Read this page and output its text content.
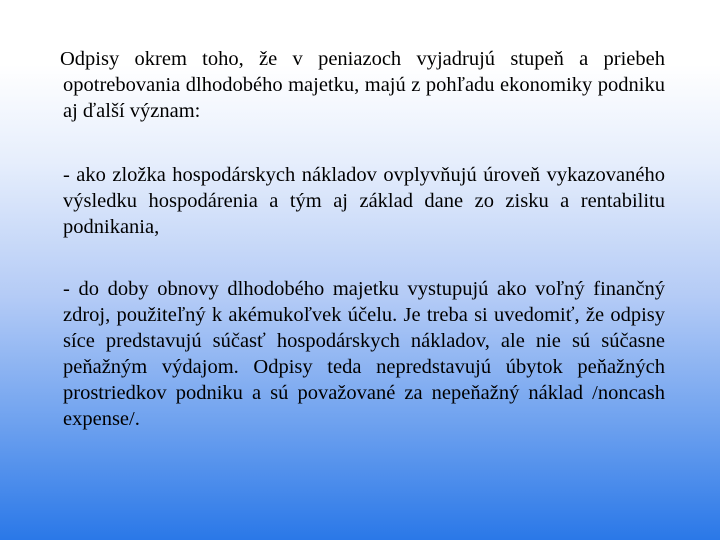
Odpisy okrem toho, že v peniazoch vyjadrujú stupeň a priebeh opotrebovania dlhodobého majetku, majú z pohľadu ekonomiky podniku aj ďalší význam:

- ako zložka hospodárskych nákladov ovplyvňujú úroveň vykazovaného výsledku hospodárenia a tým aj základ dane zo zisku a rentabilitu podnikania,

- do doby obnovy dlhodobého majetku vystupujú ako voľný finančný zdroj, použiteľný k akémukoľvek účelu. Je treba si uvedomiť, že odpisy síce predstavujú súčasť hospodárskych nákladov, ale nie sú súčasne peňažným výdajom. Odpisy teda nepredstavujú úbytok peňažných prostriedkov podniku a sú považované za nepeňažný náklad /noncash expense/.
